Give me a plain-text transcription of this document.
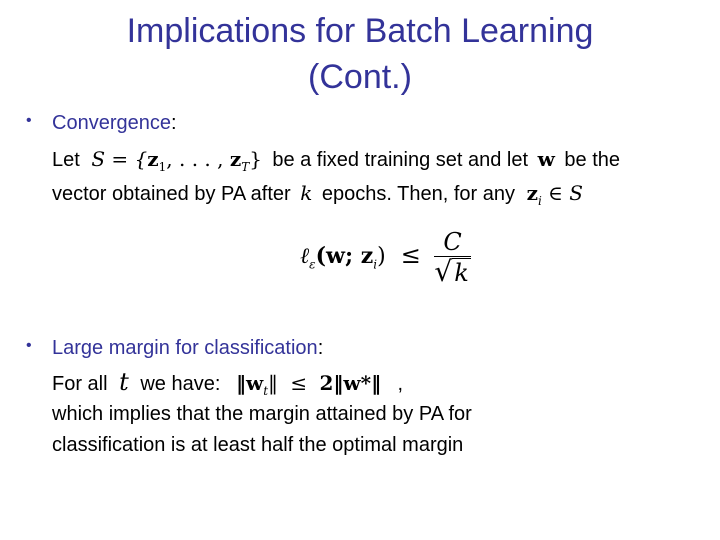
Implications for Batch Learning
(Cont.)
• Convergence:
Let $S = \{z_1$, . . . , $z_T$} be a fixed training set and let w be the
vector obtained by PA after k epochs. Then, for any $z_i$ ∈ S
ℓ$_\varepsilon$(w; $z_i) \le \frac{C}{√k}$
• Large margin for classification:
For all t we have: $‖w_t‖$ ≤ 2‖w*‖ ,
which implies that the margin attained by PA for
classification is at least half the optimal margin
